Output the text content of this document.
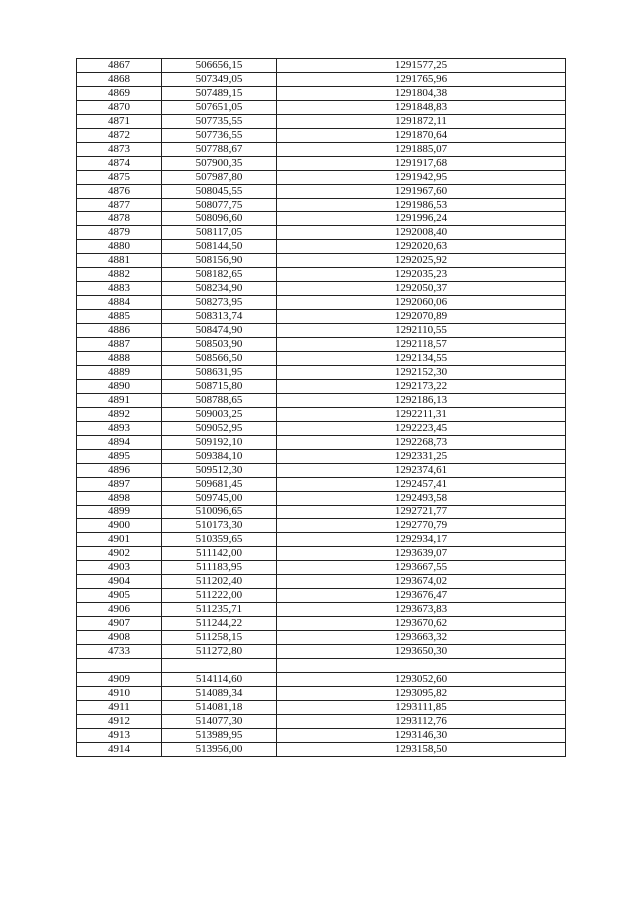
4867	506656,15	1291577,25
4868	507349,05	1291765,96
4869	507489,15	1291804,38
4870	507651,05	1291848,83
4871	507735,55	1291872,11
4872	507736,55	1291870,64
4873	507788,67	1291885,07
4874	507900,35	1291917,68
4875	507987,80	1291942,95
4876	508045,55	1291967,60
4877	508077,75	1291986,53
4878	508096,60	1291996,24
4879	508117,05	1292008,40
4880	508144,50	1292020,63
4881	508156,90	1292025,92
4882	508182,65	1292035,23
4883	508234,90	1292050,37
4884	508273,95	1292060,06
4885	508313,74	1292070,89
4886	508474,90	1292110,55
4887	508503,90	1292118,57
4888	508566,50	1292134,55
4889	508631,95	1292152,30
4890	508715,80	1292173,22
4891	508788,65	1292186,13
4892	509003,25	1292211,31
4893	509052,95	1292223,45
4894	509192,10	1292268,73
4895	509384,10	1292331,25
4896	509512,30	1292374,61
4897	509681,45	1292457,41
4898	509745,00	1292493,58
4899	510096,65	1292721,77
4900	510173,30	1292770,79
4901	510359,65	1292934,17
4902	511142,00	1293639,07
4903	511183,95	1293667,55
4904	511202,40	1293674,02
4905	511222,00	1293676,47
4906	511235,71	1293673,83
4907	511244,22	1293670,62
4908	511258,15	1293663,32
4733	511272,80	1293650,30

4909	514114,60	1293052,60
4910	514089,34	1293095,82
4911	514081,18	1293111,85
4912	514077,30	1293112,76
4913	513989,95	1293146,30
4914	513956,00	1293158,50
